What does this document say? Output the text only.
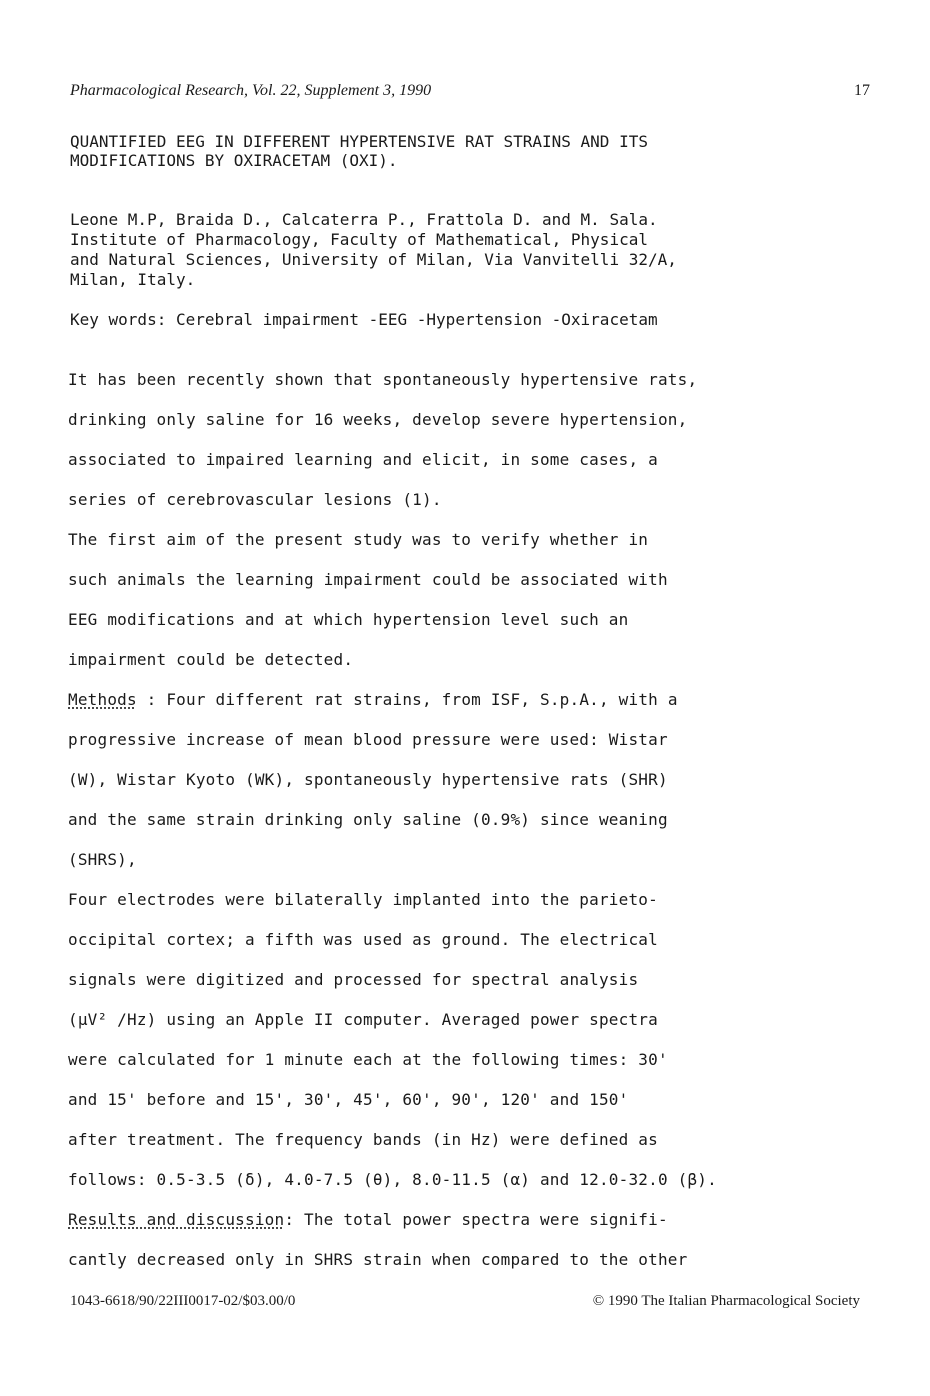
Pharmacological Research, Vol. 22, Supplement 3, 1990	17
QUANTIFIED EEG IN DIFFERENT HYPERTENSIVE RAT STRAINS AND ITS
MODIFICATIONS BY OXIRACETAM (OXI).
Leone M.P, Braida D., Calcaterra P., Frattola D. and M. Sala.
Institute of Pharmacology, Faculty of Mathematical, Physical
and Natural Sciences, University of Milan, Via Vanvitelli 32/A,
Milan, Italy.
Key words: Cerebral impairment -EEG -Hypertension -Oxiracetam
It has been recently shown that spontaneously hypertensive rats,
drinking only saline for 16 weeks, develop severe hypertension,
associated to impaired learning and elicit, in some cases, a
series of cerebrovascular lesions (1).
The first aim of the present study was to verify whether in
such animals the learning impairment could be associated with
EEG modifications and at which hypertension level such an
impairment could be detected.
Methods : Four different rat strains, from ISF, S.p.A., with a
progressive increase of mean blood pressure were used: Wistar
(W), Wistar Kyoto (WK), spontaneously hypertensive rats (SHR)
and the same strain drinking only saline (0.9%) since weaning
(SHRS),
Four electrodes were bilaterally implanted into the parieto-
occipital cortex; a fifth was used as ground. The electrical
signals were digitized and processed for spectral analysis
(µV² /Hz) using an Apple II computer. Averaged power spectra
were calculated for 1 minute each at the following times: 30'
and 15' before and 15', 30', 45', 60', 90', 120' and 150'
after treatment. The frequency bands (in Hz) were defined as
follows: 0.5-3.5 (δ), 4.0-7.5 (θ), 8.0-11.5 (α) and 12.0-32.0 (β).
Results and discussion: The total power spectra were signifi-
cantly decreased only in SHRS strain when compared to the other
1043-6618/90/22III0017-02/$03.00/0	© 1990 The Italian Pharmacological Society
